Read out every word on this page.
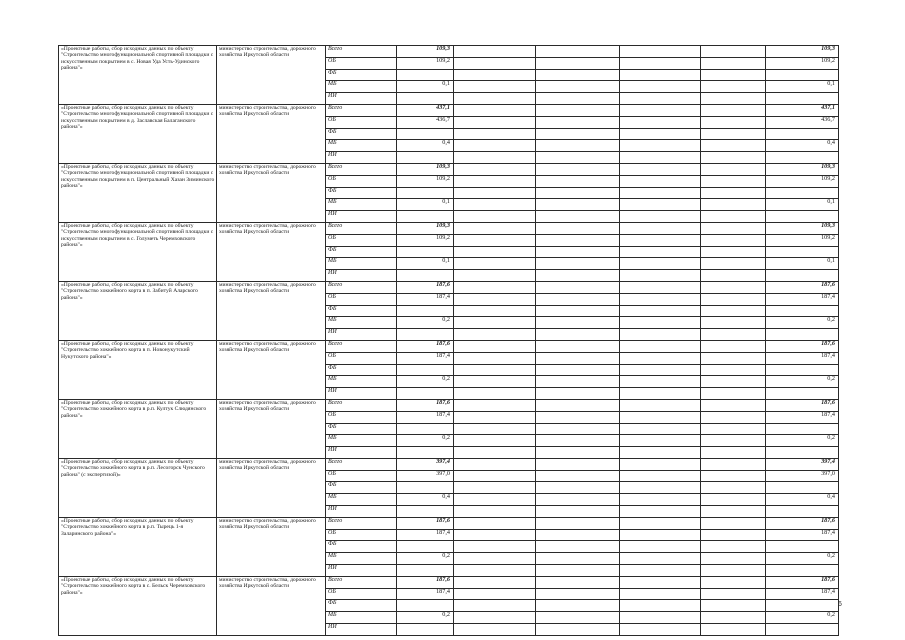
«Проектные работы, сбор исходных данных по объекту "Строительство многофункциональной спортивной площадки с искусственным покрытием в с. Новая Уда Усть-Удинского района"»	министерство строительства, дорожного хозяйства Иркутской области	Всего	109,3					109,3
		ОБ	109,2					109,2
		ФБ						
		МБ	0,1					0,1
		ИИ						
«Проектные работы, сбор исходных данных по объекту "Строительство многофункциональной спортивной площадки с искусственным покрытием в д. Заславская Балаганского района"»	министерство строительства, дорожного хозяйства Иркутской области	Всего	437,1					437,1
		ОБ	436,7					436,7
		ФБ						
		МБ	0,4					0,4
		ИИ						
«Проектные работы, сбор исходных данных по объекту "Строительство многофункциональной спортивной площадки с искусственным покрытием в п. Центральный Хазан Зиминского района"»	министерство строительства, дорожного хозяйства Иркутской области	Всего	109,3					109,3
		ОБ	109,2					109,2
		ФБ						
		МБ	0,1					0,1
		ИИ						
«Проектные работы, сбор исходных данных по объекту "Строительство многофункциональной спортивной площадки с искусственным покрытием в с. Голуметь Черемховского района"»	министерство строительства, дорожного хозяйства Иркутской области	Всего	109,3					109,3
		ОБ	109,2					109,2
		ФБ						
		МБ	0,1					0,1
		ИИ						
«Проектные работы, сбор исходных данных по объекту "Строительство хоккейного корта в п. Забитуй Аларского района"»	министерство строительства, дорожного хозяйства Иркутской области	Всего	187,6					187,6
		ОБ	187,4					187,4
		ФБ						
		МБ	0,2					0,2
		ИИ						
«Проектные работы, сбор исходных данных по объекту "Строительство хоккейного корта в п. Новонукутский Нукутского района"»	министерство строительства, дорожного хозяйства Иркутской области	Всего	187,6					187,6
		ОБ	187,4					187,4
		ФБ						
		МБ	0,2					0,2
		ИИ						
«Проектные работы, сбор исходных данных по объекту "Строительство хоккейного корта в р.п. Култук Слюдянского района"»	министерство строительства, дорожного хозяйства Иркутской области	Всего	187,6					187,6
		ОБ	187,4					187,4
		ФБ						
		МБ	0,2					0,2
		ИИ						
«Проектные работы, сбор исходных данных по объекту "Строительство хоккейного корта в р.п. Лесогорск Чунского района" (с экспертизой)»	министерство строительства, дорожного хозяйства Иркутской области	Всего	397,4					397,4
		ОБ	397,0					397,0
		ФБ						
		МБ	0,4					0,4
		ИИ						
«Проектные работы, сбор исходных данных по объекту "Строительство хоккейного корта в р.п. Тырець 1-я Заларинского района"»	министерство строительства, дорожного хозяйства Иркутской области	Всего	187,6					187,6
		ОБ	187,4					187,4
		ФБ						
		МБ	0,2					0,2
		ИИ						
«Проектные работы, сбор исходных данных по объекту "Строительство хоккейного корта в с. Бельск Черемховского района"»	министерство строительства, дорожного хозяйства Иркутской области	Всего	187,6					187,6
		ОБ	187,4					187,4
		ФБ						
		МБ	0,2					0,2
		ИИ						
6
